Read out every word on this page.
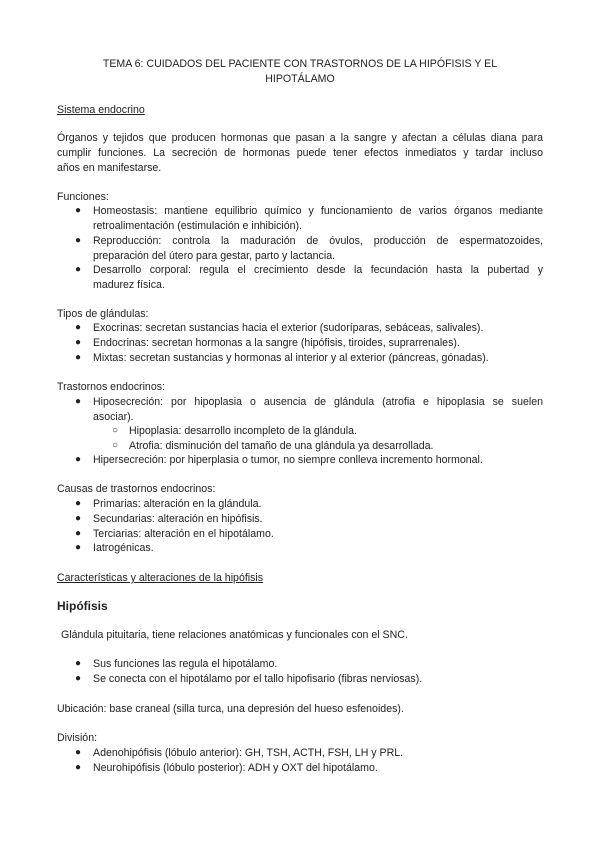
TEMA 6: CUIDADOS DEL PACIENTE CON TRASTORNOS DE LA HIPÓFISIS Y EL

HIPOTÁLAMO

Sistema endocrino

Órganos y tejidos que producen hormonas que pasan a la sangre y afectan a células diana para

cumplir funciones. La secreción de hormonas puede tener efectos inmediatos y tardar incluso

años en manifestarse.

Funciones:

● Homeostasis: mantiene equilibrio químico y funcionamiento de varios órganos mediante

retroalimentación (estimulación e inhibición).

● Reproducción: controla la maduración de óvulos, producción de espermatozoides,

preparación del útero para gestar, parto y lactancia.

● Desarrollo corporal: regula el crecimiento desde la fecundación hasta la pubertad y

madurez física.

Tipos de glándulas:

● Exocrinas: secretan sustancias hacia el exterior (sudoríparas, sebáceas, salivales).

● Endocrinas: secretan hormonas a la sangre (hipófisis, tiroides, suprarrenales).

● Mixtas: secretan sustancias y hormonas al interior y al exterior (páncreas, gónadas).

Trastornos endocrinos:

● Hiposecreción: por hipoplasia o ausencia de glándula (atrofia e hipoplasia se suelen

asociar).

○ Hipoplasia: desarrollo incompleto de la glándula.

○ Atrofia: disminución del tamaño de una glándula ya desarrollada.

● Hipersecreción: por hiperplasia o tumor, no siempre conlleva incremento hormonal.

Causas de trastornos endocrinos:

● Primarias: alteración en la glándula.

● Secundarias: alteración en hipófisis.

● Terciarias: alteración en el hipotálamo.

● Iatrogénicas.

Características y alteraciones de la hipófisis

Hipófisis

Glándula pituitaria, tiene relaciones anatómicas y funcionales con el SNC.

● Sus funciones las regula el hipotálamo.

● Se conecta con el hipotálamo por el tallo hipofisario (fibras nerviosas).

Ubicación: base craneal (silla turca, una depresión del hueso esfenoides).

División:

● Adenohipófisis (lóbulo anterior): GH, TSH, ACTH, FSH, LH y PRL.

● Neurohipófisis (lóbulo posterior): ADH y OXT del hipotálamo.
